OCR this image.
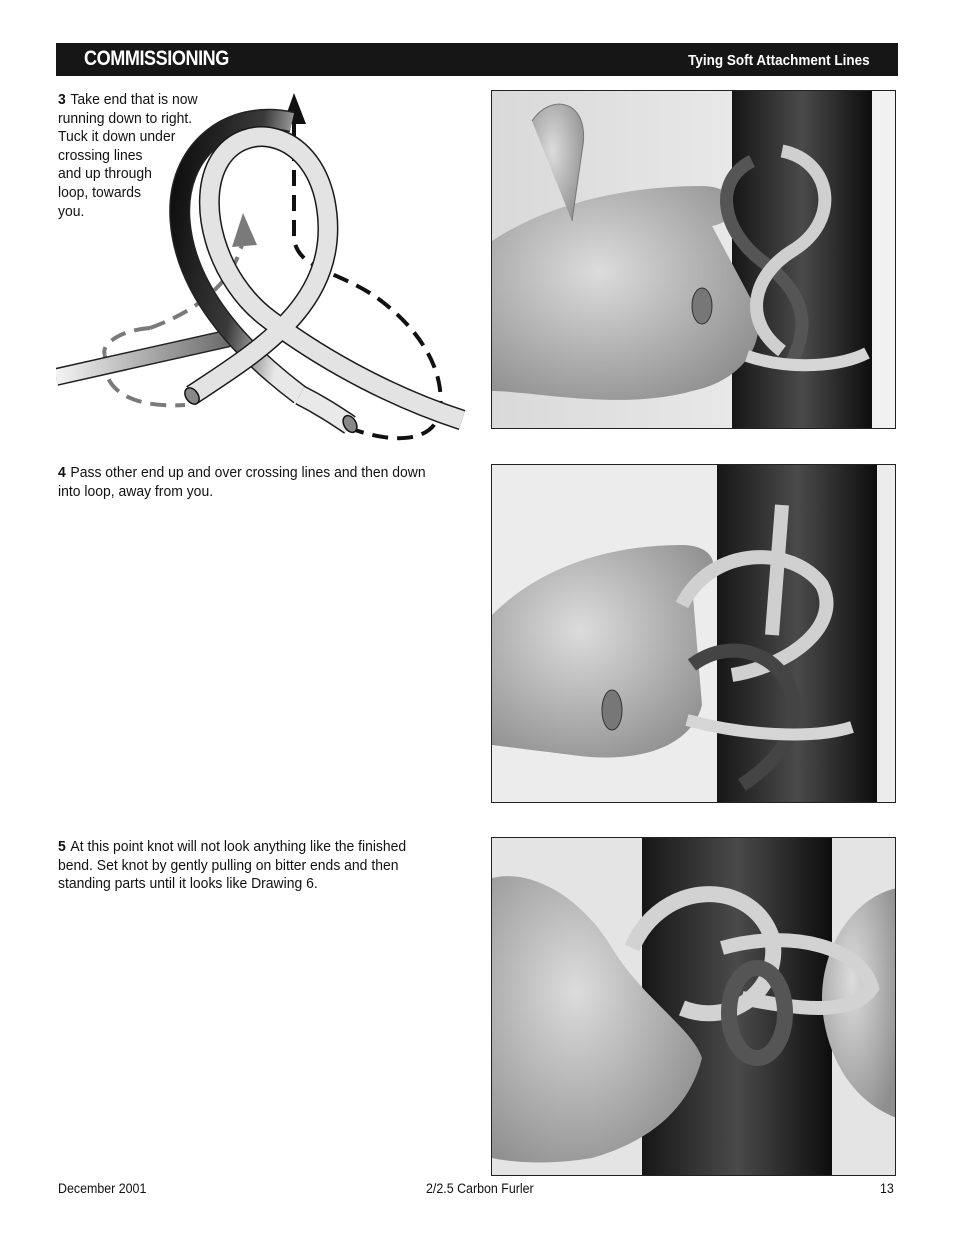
COMMISSIONING	Tying Soft Attachment Lines
3 Take end that is now
running down to right.
Tuck it down under
crossing lines
and up through
loop, towards
you.
4 Pass other end up and over crossing lines and then down
into loop, away from you.
5 At this point knot will not look anything like the finished
bend. Set knot by gently pulling on bitter ends and then
standing parts until it looks like Drawing 6.
December 2001	2/2.5 Carbon Furler	13
